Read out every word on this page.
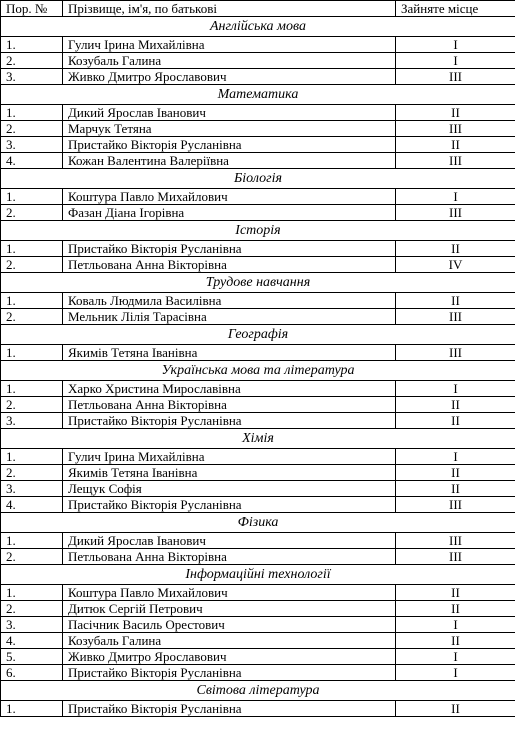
Пор. №	Прізвище, ім'я, по батькові	Зайняте місце
Англійська мова		
1.	Гулич Ірина Михайлівна	I
2.	Козубаль Галина	I
3.	Живко Дмитро Ярославович	III
Математика		
1.	Дикий Ярослав Іванович	II
2.	Марчук Тетяна	III
3.	Пристайко Вікторія Русланівна	II
4.	Кожан Валентина Валеріївна	III
Біологія		
1.	Коштура Павло Михайлович	I
2.	Фазан Діана Ігорівна	III
Історія		
1.	Пристайко Вікторія Русланівна	II
2.	Петльована Анна Вікторівна	IV
Трудове навчання		
1.	Коваль Людмила Василівна	II
2.	Мельник Лілія Тарасівна	III
Географія		
1.	Якимів Тетяна Іванівна	III
Українська мова та література		
1.	Харко Христина Мирославівна	I
2.	Петльована Анна Вікторівна	II
3.	Пристайко Вікторія Русланівна	II
Хімія		
1.	Гулич Ірина Михайлівна	I
2.	Якимів Тетяна Іванівна	II
3.	Лещук Софія	II
4.	Пристайко Вікторія Русланівна	III
Фізика		
1.	Дикий Ярослав Іванович	III
2.	Петльована Анна Вікторівна	III
Інформаційні технології		
1.	Коштура Павло Михайлович	II
2.	Дитюк Сергій Петрович	II
3.	Пасічник Василь Орестович	I
4.	Козубаль Галина	II
5.	Живко Дмитро Ярославович	I
6.	Пристайко Вікторія Русланівна	I
Світова література		
1.	Пристайко Вікторія Русланівна	II
